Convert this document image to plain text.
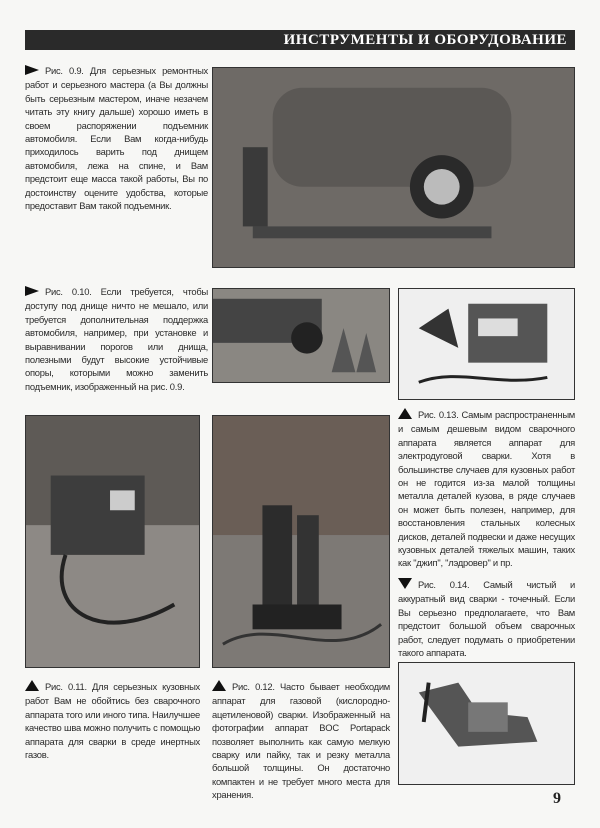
ИНСТРУМЕНТЫ И ОБОРУДОВАНИЕ
Рис. 0.9. Для серьезных ремонтных работ и серьезного мастера (а Вы должны быть серьезным мастером, иначе незачем читать эту книгу дальше) хорошо иметь в своем распоряжении подъемник автомобиля. Если Вам когда-нибудь приходилось варить под днищем автомобиля, лежа на спине, и Вам предстоит еще масса такой работы, Вы по достоинству оцените удобства, которые предоставит Вам такой подъемник.
Рис. 0.10. Если требуется, чтобы доступу под днище ничто не мешало, или требуется дополнительная поддержка автомобиля, например, при установке и выравнивании порогов или днища, полезными будут высокие устойчивые опоры, которыми можно заменить подъемник, изображенный на рис. 0.9.
Рис. 0.13. Самым распространенным и самым дешевым видом сварочного аппарата является аппарат для электродуговой сварки. Хотя в большинстве случаев для кузовных работ он не годится из-за малой толщины металла деталей кузова, в ряде случаев он может быть полезен, например, для восстановления стальных колесных дисков, деталей подвески и даже несущих кузовных деталей тяжелых машин, таких как "джип", "лэдровер" и пр.
Рис. 0.14. Самый чистый и аккуратный вид сварки - точечный. Если Вы серьезно предполагаете, что Вам предстоит большой объем сварочных работ, следует подумать о приобретении такого аппарата.
Рис. 0.11. Для серьезных кузовных работ Вам не обойтись без сварочного аппарата того или иного типа. Наилучшее качество шва можно получить с помощью аппарата для сварки в среде инертных газов.
Рис. 0.12. Часто бывает необходим аппарат для газовой (кислородно-ацетиленовой) сварки. Изображенный на фотографии аппарат BOC Portapack позволяет выполнить как самую мелкую сварку или пайку, так и резку металла большой толщины. Он достаточно компактен и не требует много места для хранения.	9
